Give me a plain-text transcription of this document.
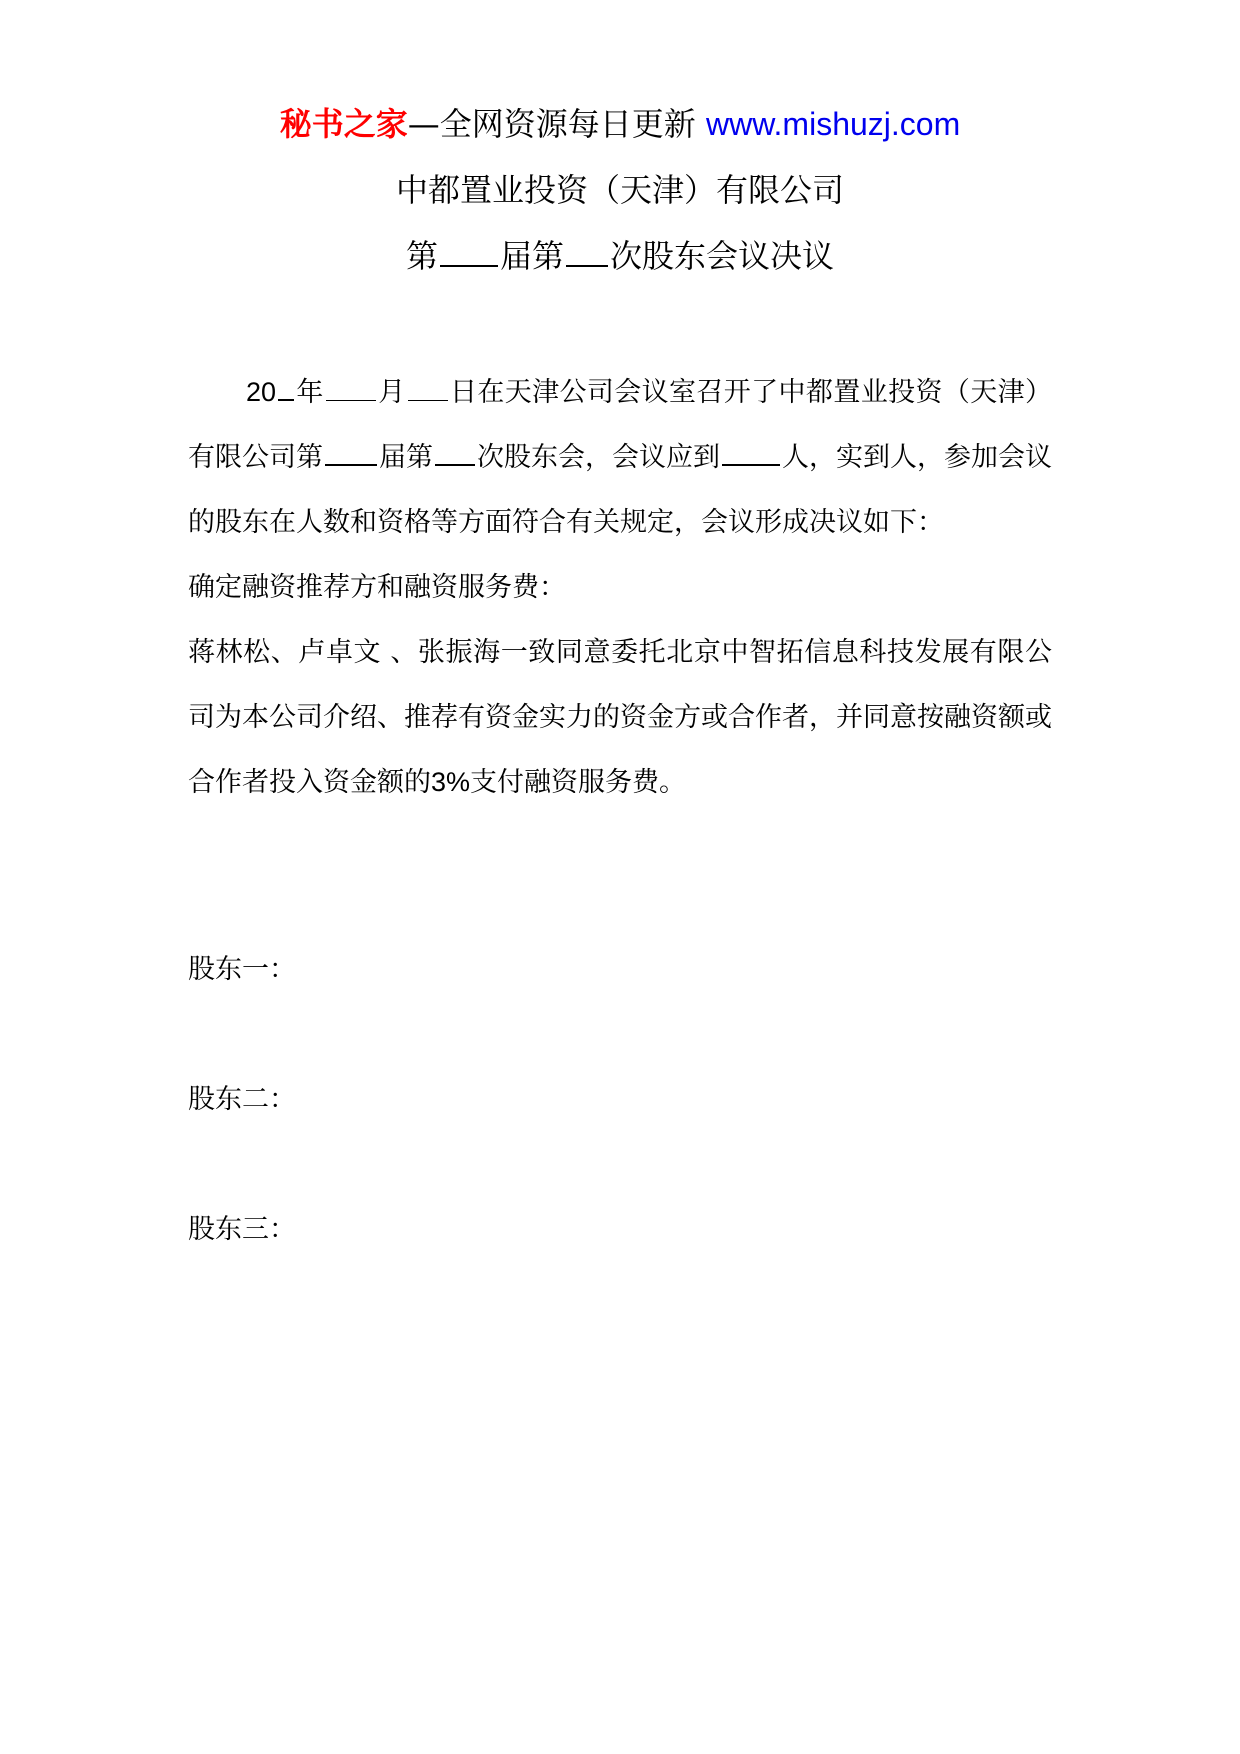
秘书之家—全网资源每日更新 www.mishuzj.com
中都置业投资（天津）有限公司
第 届第 次股东会议决议

20 年 月 日在天津公司会议室召开了中都置业投资（天津）有限公司第 届第 次股东会，会议应到 人，实到人，参加会议的股东在人数和资格等方面符合有关规定，会议形成决议如下：

确定融资推荐方和融资服务费：

蒋林松、卢卓文 、张振海一致同意委托北京中智拓信息科技发展有限公司为本公司介绍、推荐有资金实力的资金方或合作者，并同意按融资额或合作者投入资金额的3%支付融资服务费。

股东一：
股东二：
股东三：
